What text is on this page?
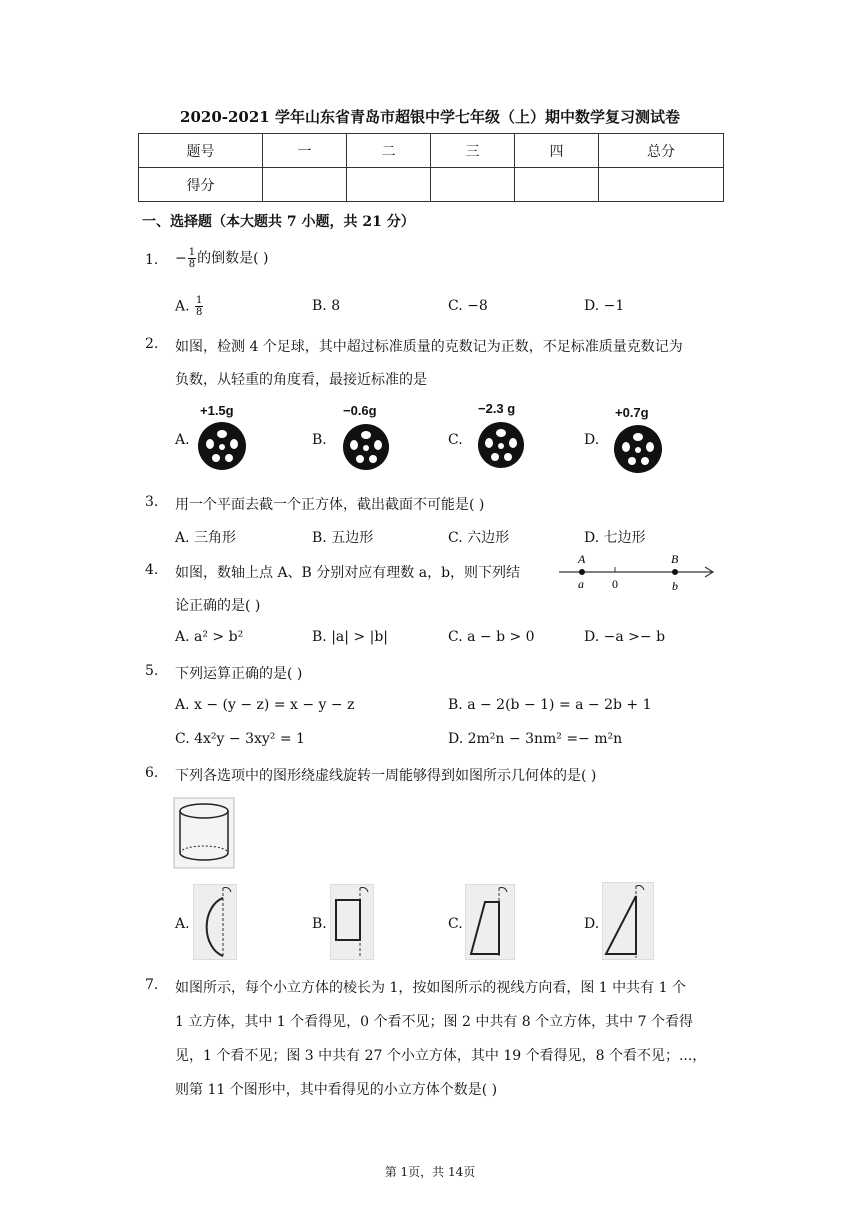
2020-2021 学年山东省青岛市超银中学七年级（上）期中数学复习测试卷
题号	一	二	三	四	总分
得分					
一、选择题（本大题共 7 小题，共 21 分）
1. − $\frac{1}{8}$ 的倒数是( )
A. $\frac{1}{8}$	B. 8	C. −8	D. −1
2. 如图，检测 4 个足球，其中超过标准质量的克数记为正数，不足标准质量克数记为
负数，从轻重的角度看，最接近标准的是
A.	B.	C.	D.
+1.5g	−0.6g	−2.3 g	+0.7g
3. 用一个平面去截一个正方体，截出截面不可能是( )
A. 三角形	B. 五边形	C. 六边形	D. 七边形
4. 如图，数轴上点 A、B 分别对应有理数 a，b，则下列结
论正确的是( )
A	B
a 0	b
A. a² > b²	B. |a| > |b|	C. a − b > 0	D. −a >− b
5. 下列运算正确的是( )
A. x − (y − z) = x − y − z	B. a − 2(b − 1) = a − 2b + 1
C. 4x²y − 3xy² = 1	D. 2m²n − 3nm² =− m²n
6. 下列各选项中的图形绕虚线旋转一周能够得到如图所示几何体的是( )
A.	B.	C.	D.
7. 如图所示，每个小立方体的棱长为 1，按如图所示的视线方向看，图 1 中共有 1 个
1 立方体，其中 1 个看得见，0 个看不见；图 2 中共有 8 个立方体，其中 7 个看得
见，1 个看不见；图 3 中共有 27 个小立方体，其中 19 个看得见，8 个看不见；...，
则第 11 个图形中，其中看得见的小立方体个数是( )
第 1页，共 14页
